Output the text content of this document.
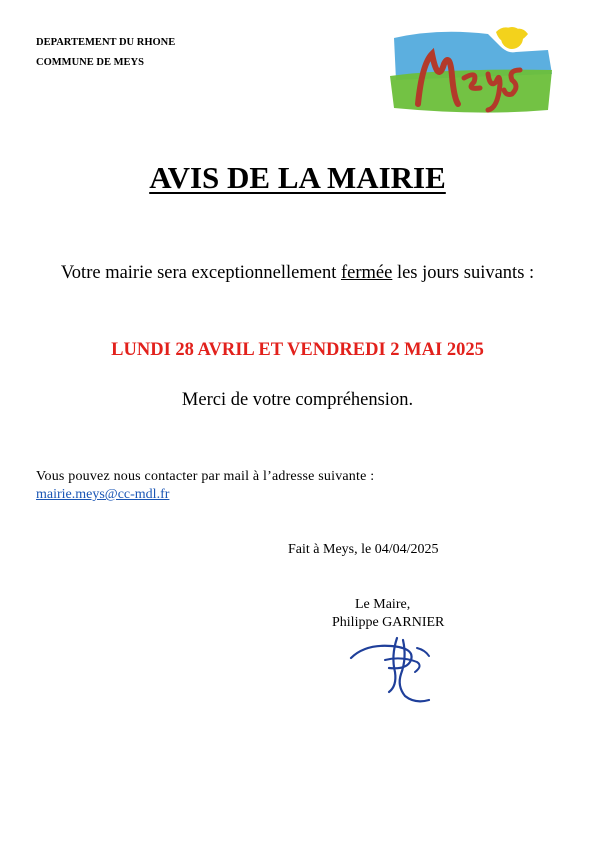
DEPARTEMENT DU RHONE
COMMUNE DE MEYS
AVIS DE LA MAIRIE
Votre mairie sera exceptionnellement fermée les jours suivants :
LUNDI 28 AVRIL ET VENDREDI 2 MAI 2025
Merci de votre compréhension.
Vous pouvez nous contacter par mail à l’adresse suivante :
mairie.meys@cc-mdl.fr
Fait à Meys, le 04/04/2025
Le Maire,
Philippe GARNIER
